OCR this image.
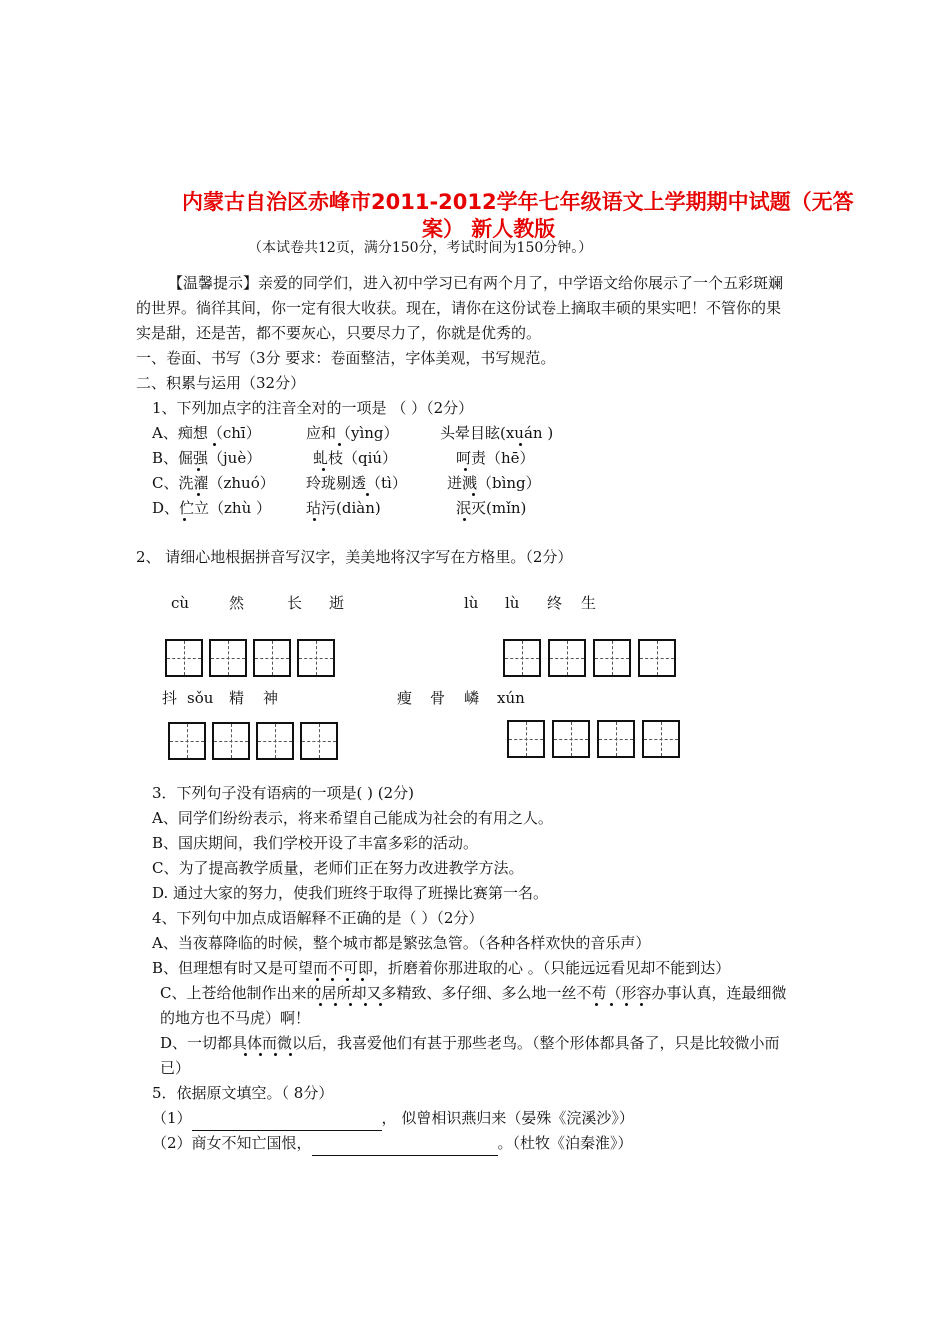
内蒙古自治区赤峰市2011-2012学年七年级语文上学期期中试题（无答
案） 新人教版
（本试卷共12页，满分150分，考试时间为150分钟。）
【温馨提示】亲爱的同学们，进入初中学习已有两个月了，中学语文给你展示了一个五彩斑斓
的世界。徜徉其间，你一定有很大收获。现在，请你在这份试卷上摘取丰硕的果实吧！不管你的果
实是甜，还是苦，都不要灰心，只要尽力了，你就是优秀的。
一、卷面、书写（3分 要求：卷面整洁，字体美观，书写规范。
二、积累与运用（32分）
1、下列加点字的注音全对的一项是 （ ）（2分）
A、痴想（chī）	应和（yìng）	头晕目眩(xuán )
B、倔强（juè）	虬枝（qiú）	呵责（hē）
C、洗濯（zhuó） 玲珑剔透（tì）	迸溅（bìng）
D、伫立（zhù ） 玷污(diàn)	泯灭(mǐn)
2、 请细心地根据拼音写汉字，美美地将汉字写在方格里。（2分）
cù	然	长 逝	lù lù 终 生
抖 sǒu 精 神	瘦 骨 嶙 xún
3．下列句子没有语病的一项是( ) (2分)
A、同学们纷纷表示，将来希望自己能成为社会的有用之人。
B、国庆期间，我们学校开设了丰富多彩的活动。
C、为了提高教学质量，老师们正在努力改进教学方法。
D. 通过大家的努力，使我们班终于取得了班操比赛第一名。
4、下列句中加点成语解释不正确的是（ ）（2分）
A、当夜幕降临的时候，整个城市都是繁弦急管。（各种各样欢快的音乐声）
B、但理想有时又是可望而不可即，折磨着你那进取的心 。（只能远远看见却不能到达）
C、上苍给他制作出来的居所却又多精致、多仔细、多么地一丝不苟（形容办事认真，连最细微
的地方也不马虎）啊！
D、一切都具体而微以后，我喜爱他们有甚于那些老鸟。（整个形体都具备了，只是比较微小而
已）
5．依据原文填空。（ 8分）
（1）	， 似曾相识燕归来（晏殊《浣溪沙》）
（2）商女不知亡国恨，	。（杜牧《泊秦淮》）
